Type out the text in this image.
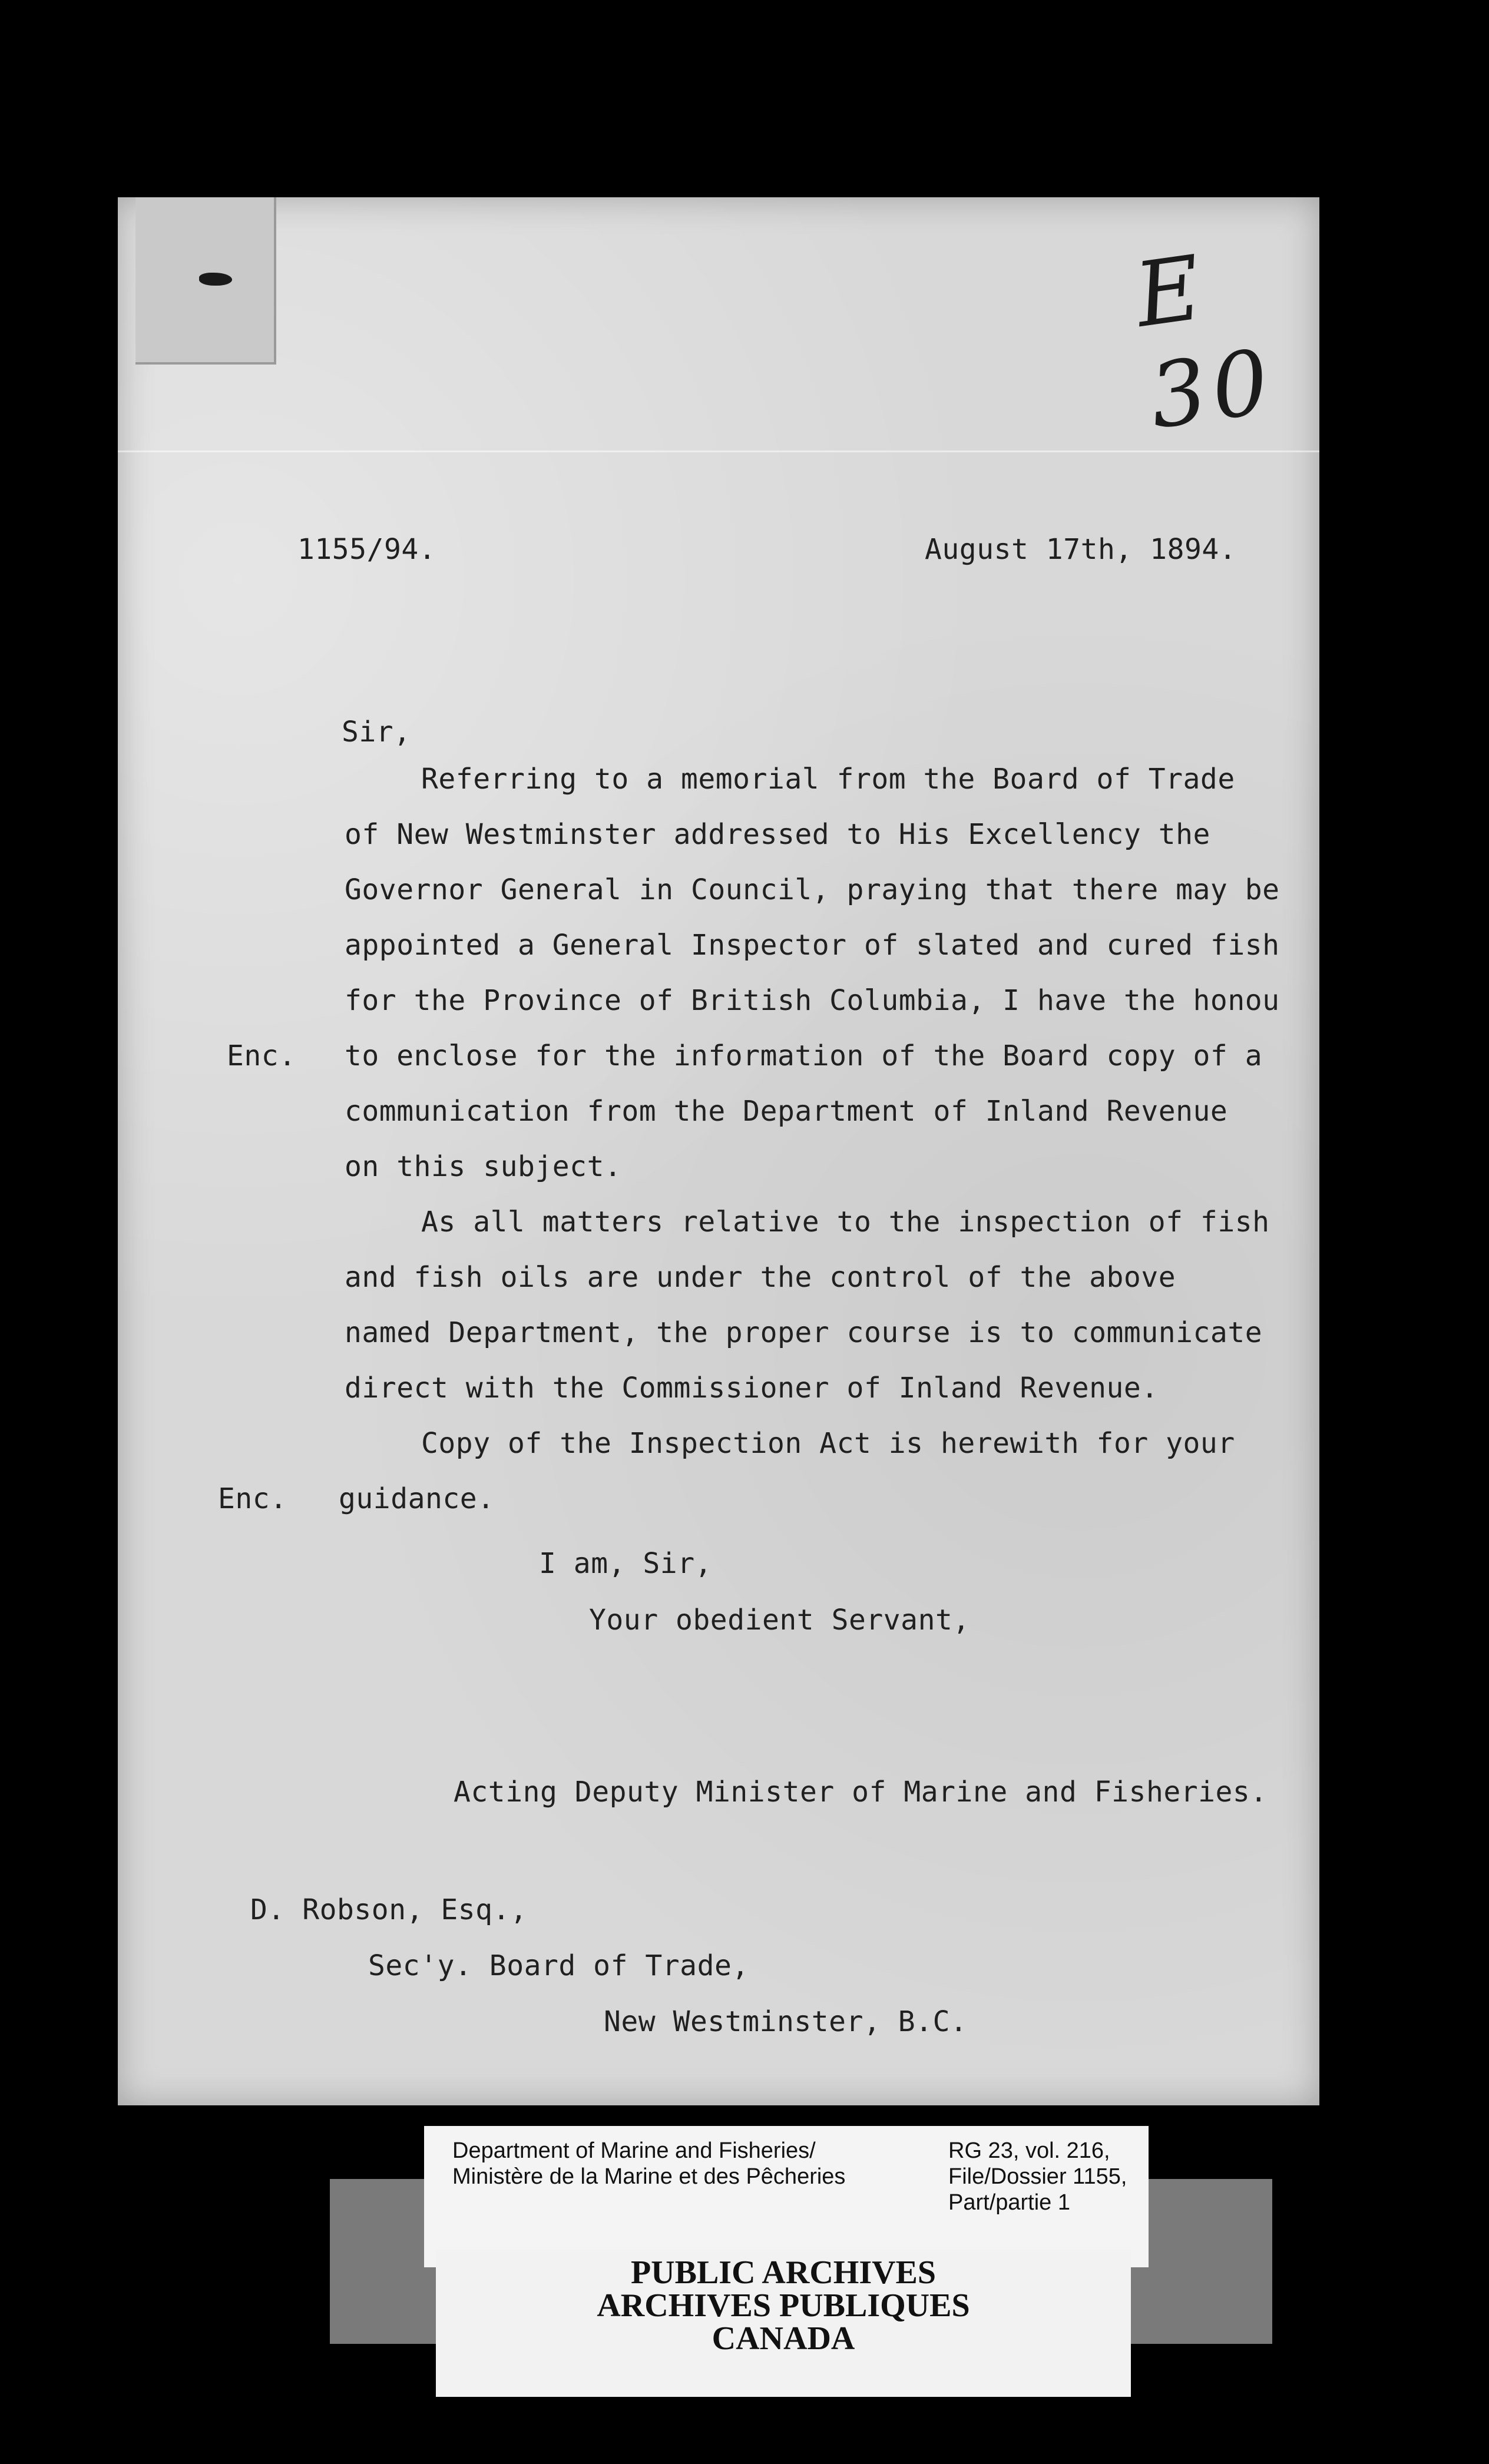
E 30

1155/94.	August 17th, 1894.

Sir,

Referring to a memorial from the Board of Trade

of New Westminster addressed to His Excellency the

Governor General in Council, praying that there may be

appointed a General Inspector of slated and cured fish

for the Province of British Columbia, I have the honou

Enc. to enclose for the information of the Board copy of a

communication from the Department of Inland Revenue

on this subject.

As all matters relative to the inspection of fish

and fish oils are under the control of the above

named Department, the proper course is to communicate

direct with the Commissioner of Inland Revenue.

Copy of the Inspection Act is herewith for your

Enc. guidance.

I am, Sir,

Your obedient Servant,

Acting Deputy Minister of Marine and Fisheries.

D. Robson, Esq.,

Sec'y. Board of Trade,

New Westminster, B.C.

Department of Marine and Fisheries/

Ministère de la Marine et des Pêcheries

RG 23, vol. 216,

File/Dossier 1155,

Part/partie 1

PUBLIC ARCHIVES

ARCHIVES PUBLIQUES

CANADA
